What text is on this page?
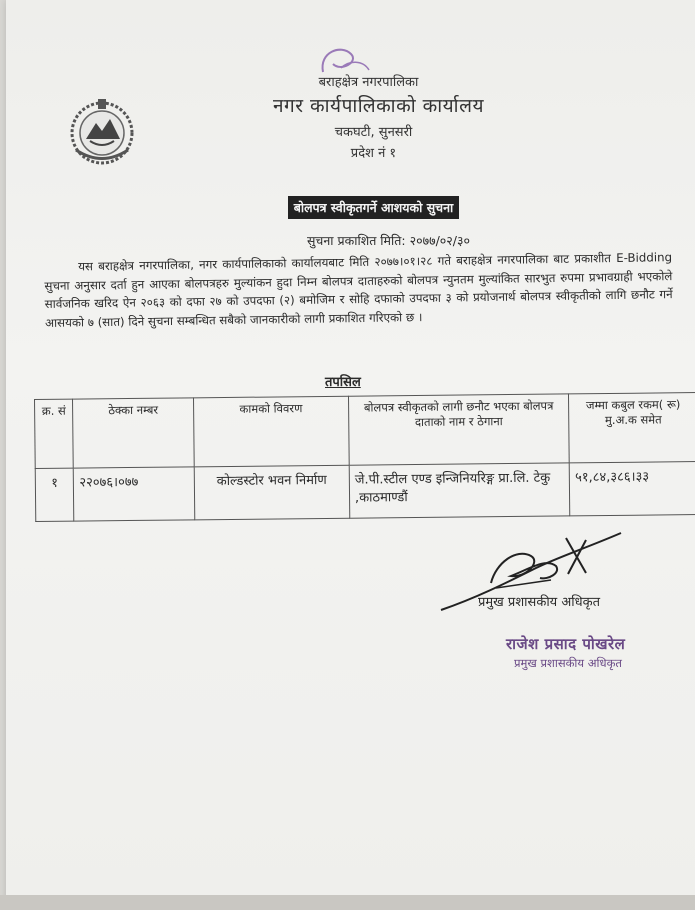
बराहक्षेत्र नगरपालिका
नगर कार्यपालिकाको कार्यालय
चकघटी, सुनसरी
प्रदेश नं १
बोलपत्र स्वीकृतगर्ने आशयको सुचना
सुचना प्रकाशित मिति: २०७७/०२/३०
यस बराहक्षेत्र नगरपालिका, नगर कार्यपालिकाको कार्यालयबाट मिति २०७७।०१।२८ गते बराहक्षेत्र नगरपालिका बाट प्रकाशीत E-Bidding सुचना अनुसार दर्ता हुन आएका बोलपत्रहरु मुल्यांकन हुदा निम्न बोलपत्र दाताहरुको बोलपत्र न्युनतम मुल्यांकित सारभुत रुपमा प्रभावग्राही भएकोले सार्वजनिक खरिद ऐन २०६३ को दफा २७ को उपदफा (२) बमोजिम र सोहि दफाको उपदफा ३ को प्रयोजनार्थ बोलपत्र स्वीकृतीको लागि छनौट गर्ने आसयको ७ (सात) दिने सुचना सम्बन्धित सबैको जानकारीको लागी प्रकाशित गरिएको छ ।
तपसिल
क्र. सं	ठेक्का नम्बर	कामको विवरण	बोलपत्र स्वीकृतको लागी छनौट भएका बोलपत्र दाताको नाम र ठेगाना	जम्मा कबुल रकम( रू) मु.अ.क समेत
१	२२०७६।०७७	कोल्डस्टोर भवन निर्माण	जे.पी.स्टील एण्ड इन्जिनियरिङ्ग प्रा.लि. टेकु ,काठमाण्डौं	५१,८४,३८६।३३
प्रमुख प्रशासकीय अधिकृत
राजेश प्रसाद पोखरेल
प्रमुख प्रशासकीय अधिकृत
